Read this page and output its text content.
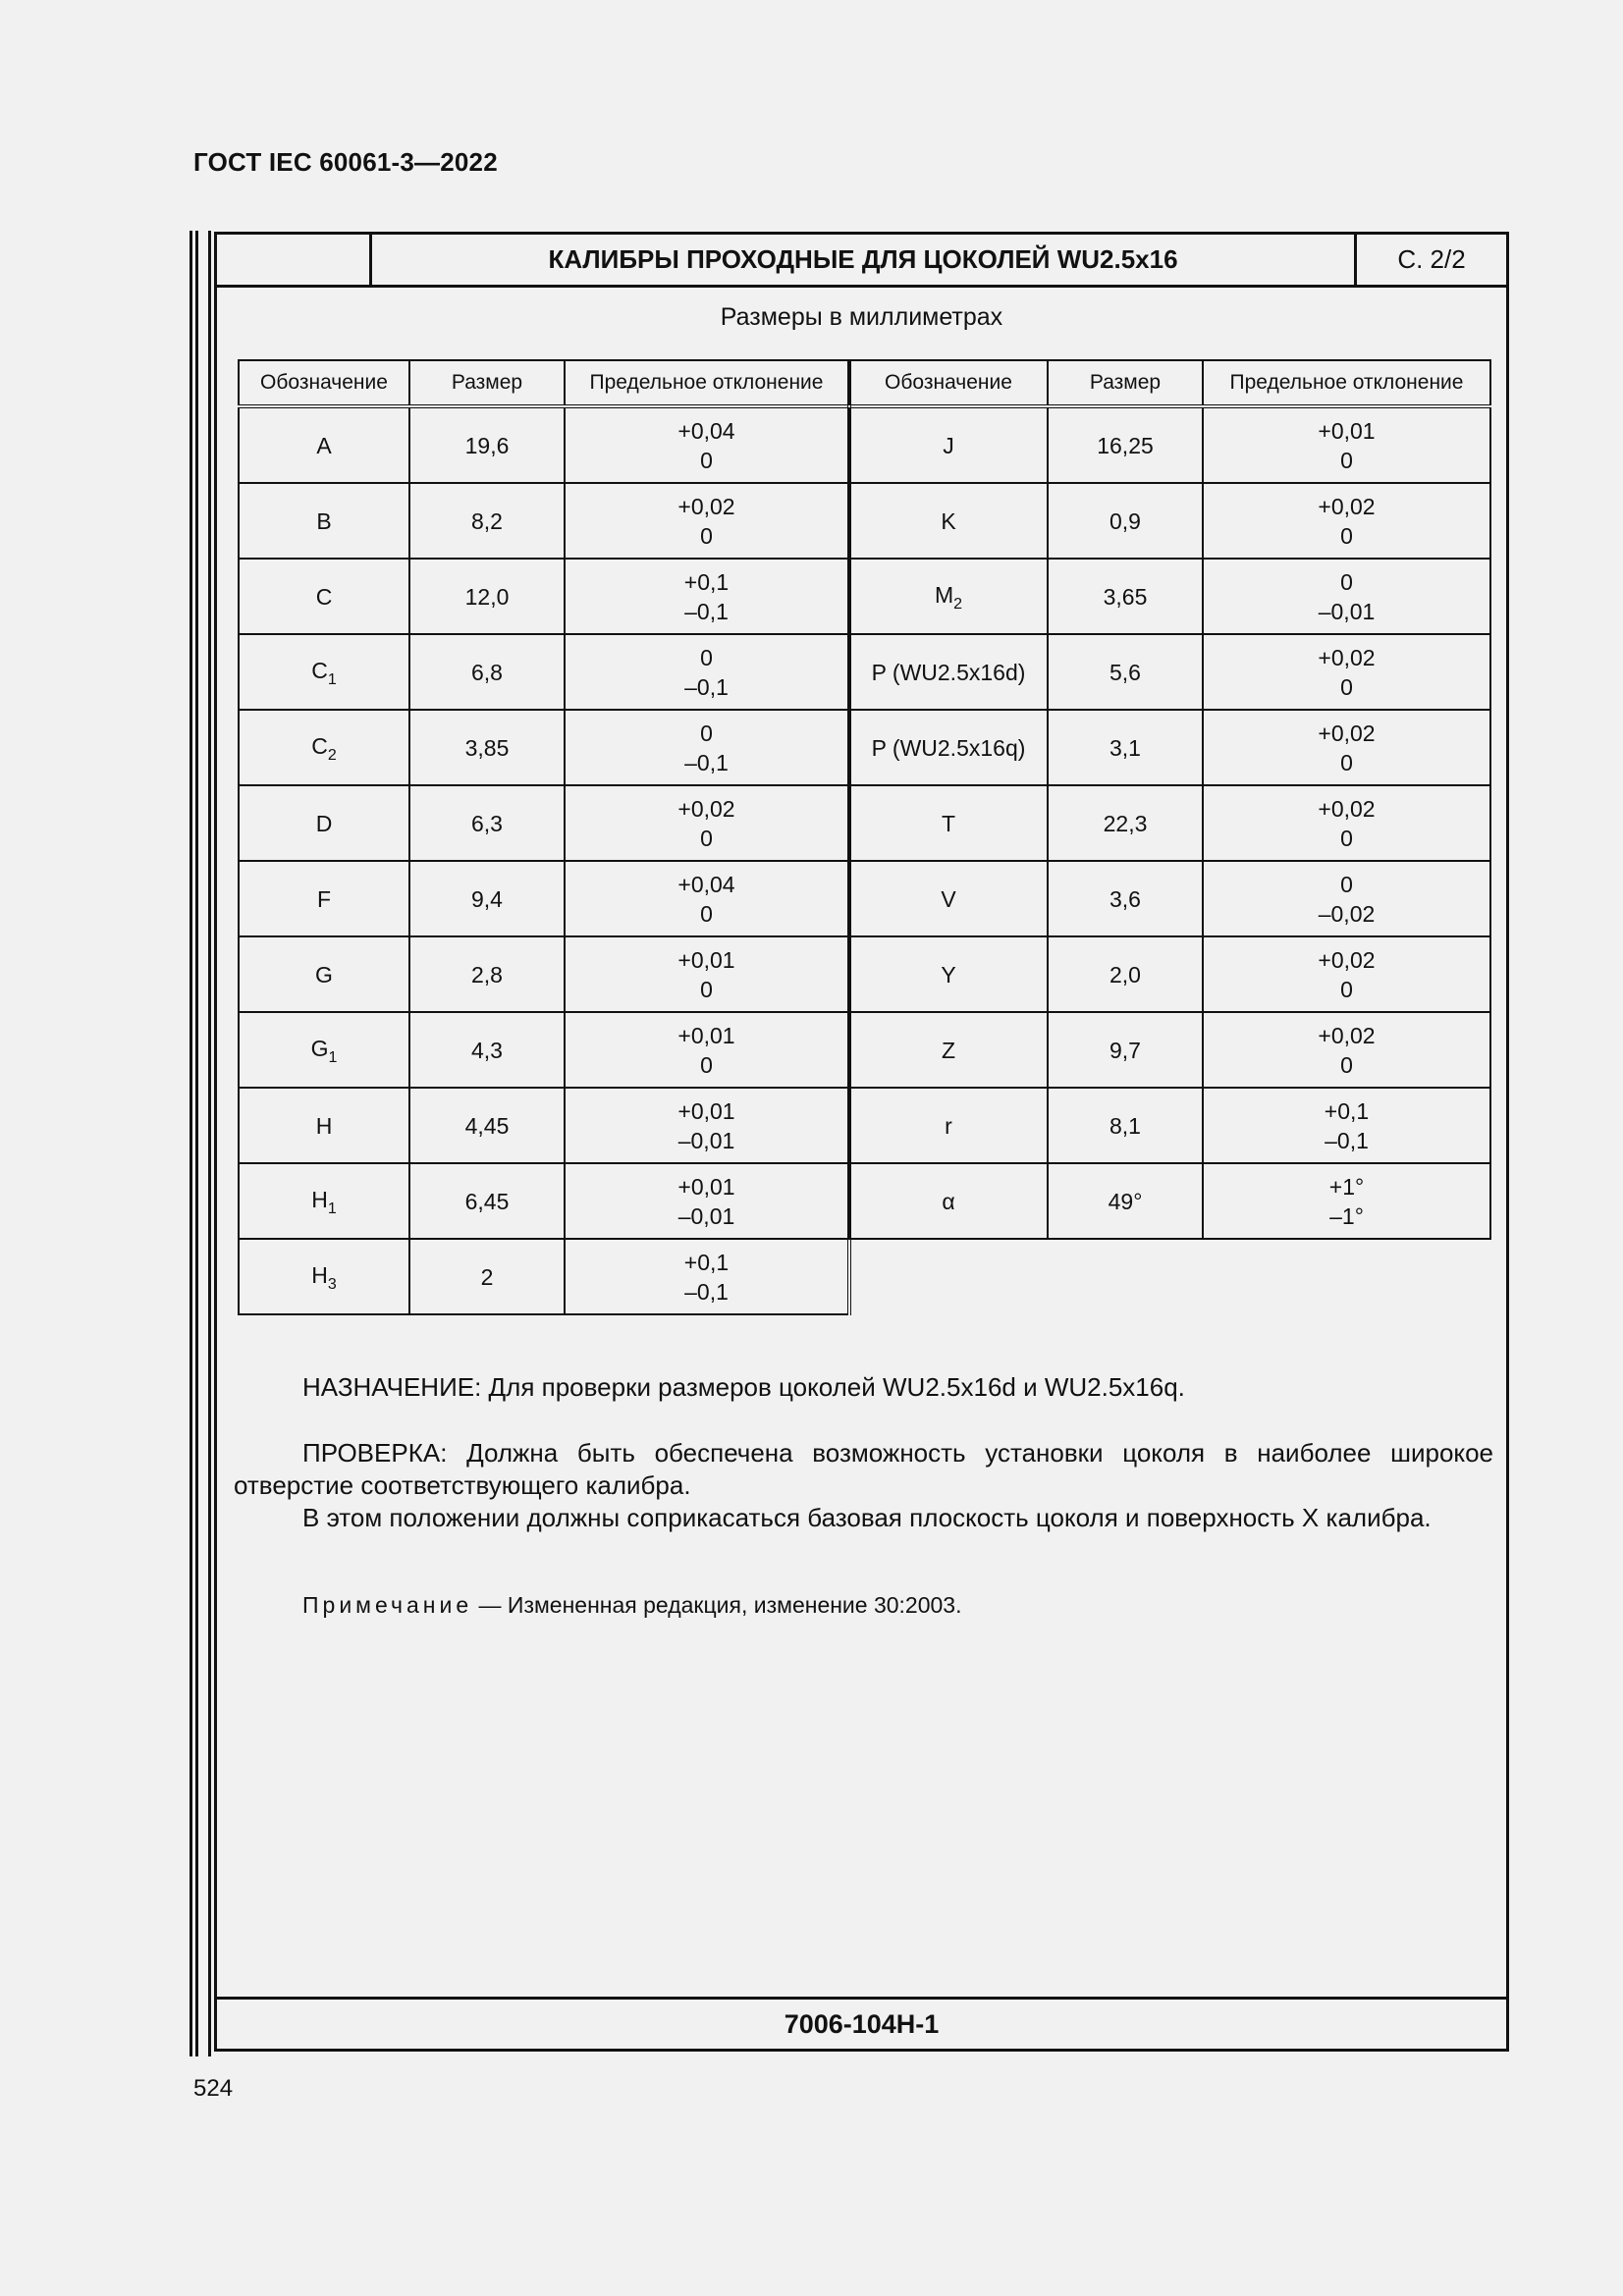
ГОСТ IEC 60061-3—2022
КАЛИБРЫ ПРОХОДНЫЕ ДЛЯ ЦОКОЛЕЙ WU2.5x16	С. 2/2
Размеры в миллиметрах
Обозначение	Размер	Предельное отклонение
A	19,6	+0,04
0

B	8,2	+0,02
0

C	12,0	+0,1
–0,1

$C_1$	6,8	0
–0,1

$C_2$	3,85	0
–0,1

D	6,3	+0,02
0

F	9,4	+0,04
0

G	2,8	+0,01
0

$G_1$	4,3	+0,01
0

H	4,45	+0,01
–0,01

$H_1$	6,45	+0,01
–0,01

$H_3$	2	+0,1
–0,1
Обозначение	Размер	Предельное отклонение
J	16,25	+0,01
0

K	0,9	+0,02
0

$M_2$	3,65	0
–0,01

P (WU2.5x16d)	5,6	+0,02
0

P (WU2.5x16q)	3,1	+0,02
0

T	22,3	+0,02
0

V	3,6	0
–0,02

Y	2,0	+0,02
0

Z	9,7	+0,02
0

r	8,1	+0,1
–0,1

α	49°	+1°
–1°
НАЗНАЧЕНИЕ: Для проверки размеров цоколей WU2.5x16d и WU2.5x16q.
ПРОВЕРКА: Должна быть обеспечена возможность установки цоколя в наиболее широкое отверстие соответствующего калибра.
В этом положении должны соприкасаться базовая плоскость цоколя и поверхность X калибра.
Примечание — Измененная редакция, изменение 30:2003.
7006-104Н-1
524
